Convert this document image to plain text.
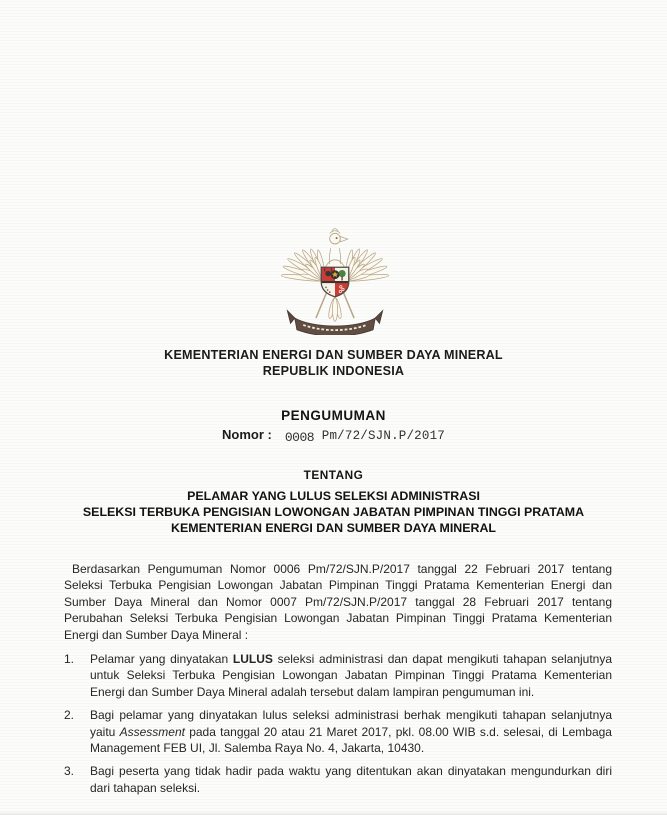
KEMENTERIAN ENERGI DAN SUMBER DAYA MINERAL
REPUBLIK INDONESIA
PENGUMUMAN
Nomor : 0008 Pm/72/SJN.P/2017
TENTANG
PELAMAR YANG LULUS SELEKSI ADMINISTRASI
SELEKSI TERBUKA PENGISIAN LOWONGAN JABATAN PIMPINAN TINGGI PRATAMA
KEMENTERIAN ENERGI DAN SUMBER DAYA MINERAL

Berdasarkan Pengumuman Nomor 0006 Pm/72/SJN.P/2017 tanggal 22 Februari 2017 tentang Seleksi Terbuka Pengisian Lowongan Jabatan Pimpinan Tinggi Pratama Kementerian Energi dan Sumber Daya Mineral dan Nomor 0007 Pm/72/SJN.P/2017 tanggal 28 Februari 2017 tentang Perubahan Seleksi Terbuka Pengisian Lowongan Jabatan Pimpinan Tinggi Pratama Kementerian Energi dan Sumber Daya Mineral :

1.	Pelamar yang dinyatakan LULUS seleksi administrasi dan dapat mengikuti tahapan selanjutnya untuk Seleksi Terbuka Pengisian Lowongan Jabatan Pimpinan Tinggi Pratama Kementerian Energi dan Sumber Daya Mineral adalah tersebut dalam lampiran pengumuman ini.
2.	Bagi pelamar yang dinyatakan lulus seleksi administrasi berhak mengikuti tahapan selanjutnya yaitu Assessment pada tanggal 20 atau 21 Maret 2017, pkl. 08.00 WIB s.d. selesai, di Lembaga Management FEB UI, Jl. Salemba Raya No. 4, Jakarta, 10430.
3.	Bagi peserta yang tidak hadir pada waktu yang ditentukan akan dinyatakan mengundurkan diri dari tahapan seleksi.
